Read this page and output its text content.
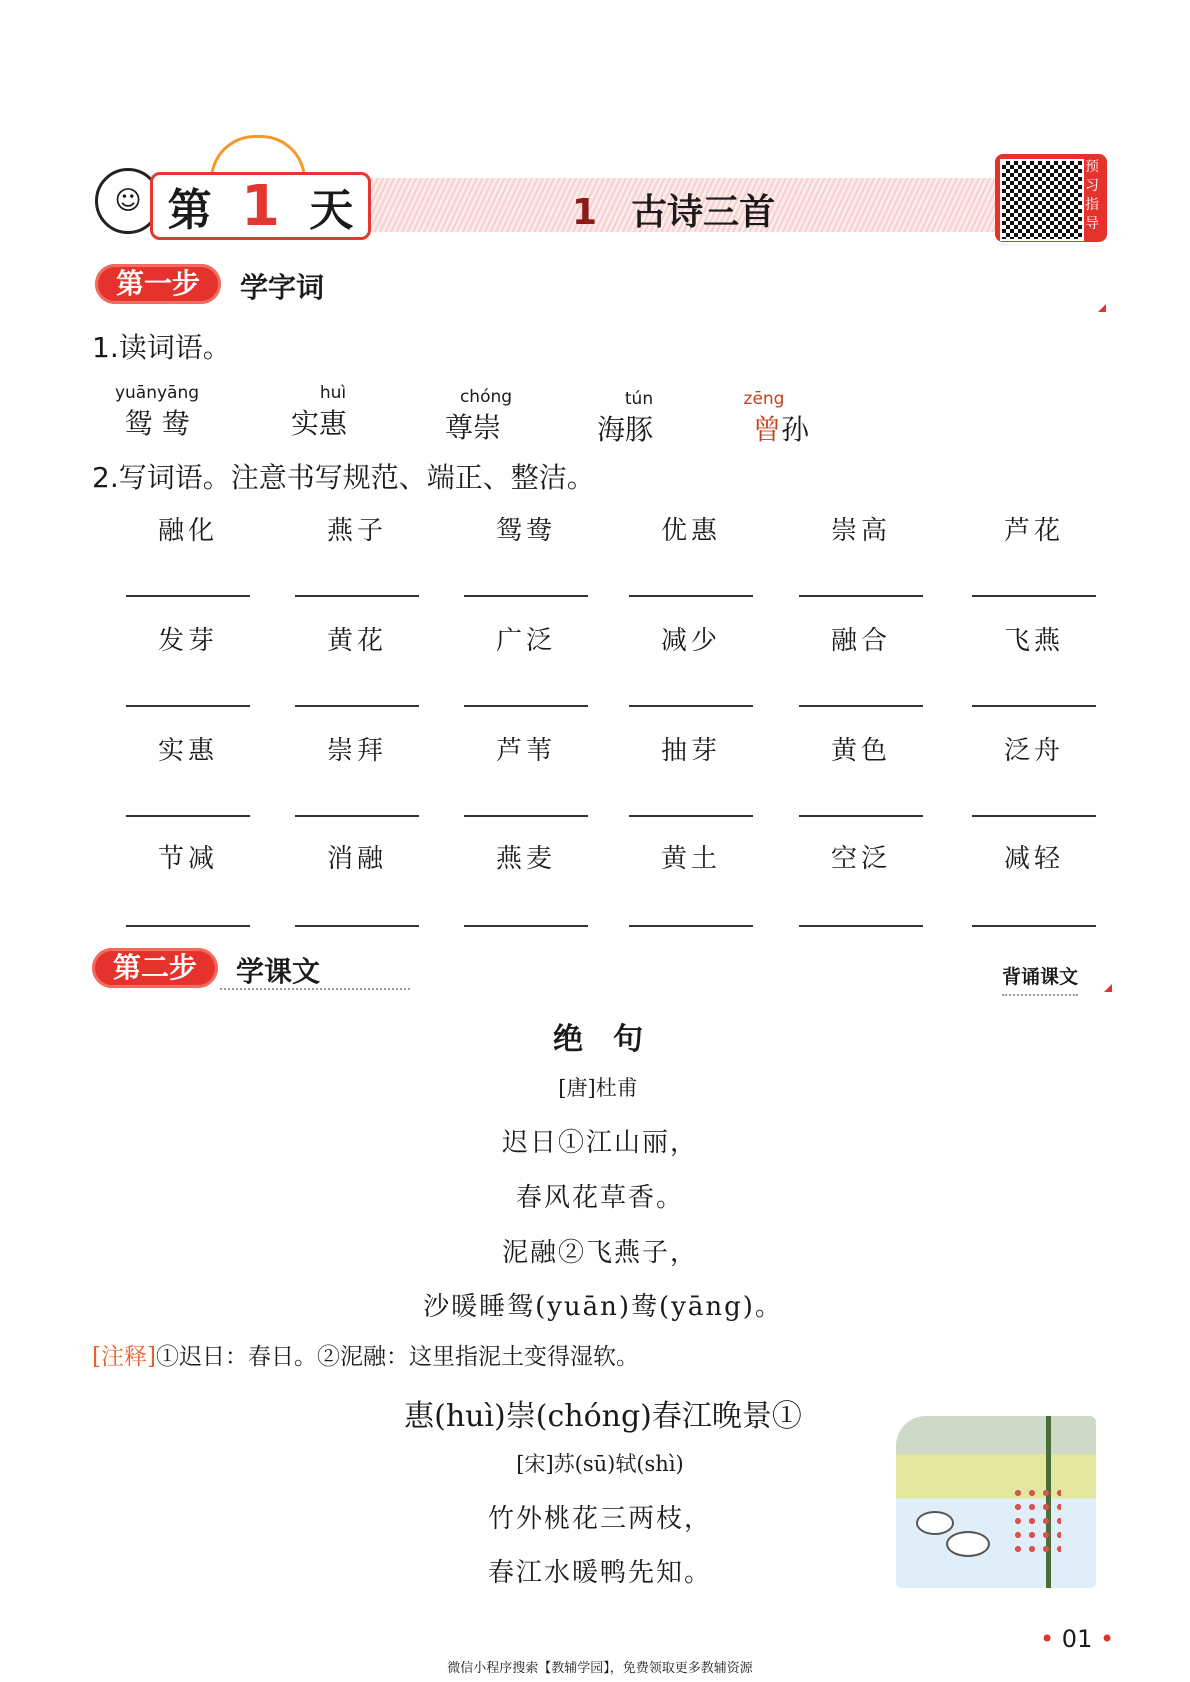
☺ 第 1 天	1 古诗三首
预习指导
第一步	学字词
1.读词语。
yuānyāng
鸳 鸯
huì
实惠
chóng
尊崇
tún
海豚
zēng
曾孙
2.写词语。注意书写规范、端正、整洁。
融化	燕子	鸳鸯	优惠	崇高	芦花
发芽	黄花	广泛	减少	融合	飞燕
实惠	崇拜	芦苇	抽芽	黄色	泛舟
节减	消融	燕麦	黄土	空泛	减轻
第二步	学课文	背诵课文
绝　句
[唐]杜甫
迟日①江山丽，
春风花草香。
泥融②飞燕子，
沙暖睡鸳(yuān)鸯(yāng)。
[注释]①迟日：春日。②泥融：这里指泥土变得湿软。
惠(huì)崇(chóng)春江晚景①
[宋]苏(sū)轼(shì)
竹外桃花三两枝，
春江水暖鸭先知。
• 01 •
微信小程序搜索【教辅学园】，免费领取更多教辅资源
